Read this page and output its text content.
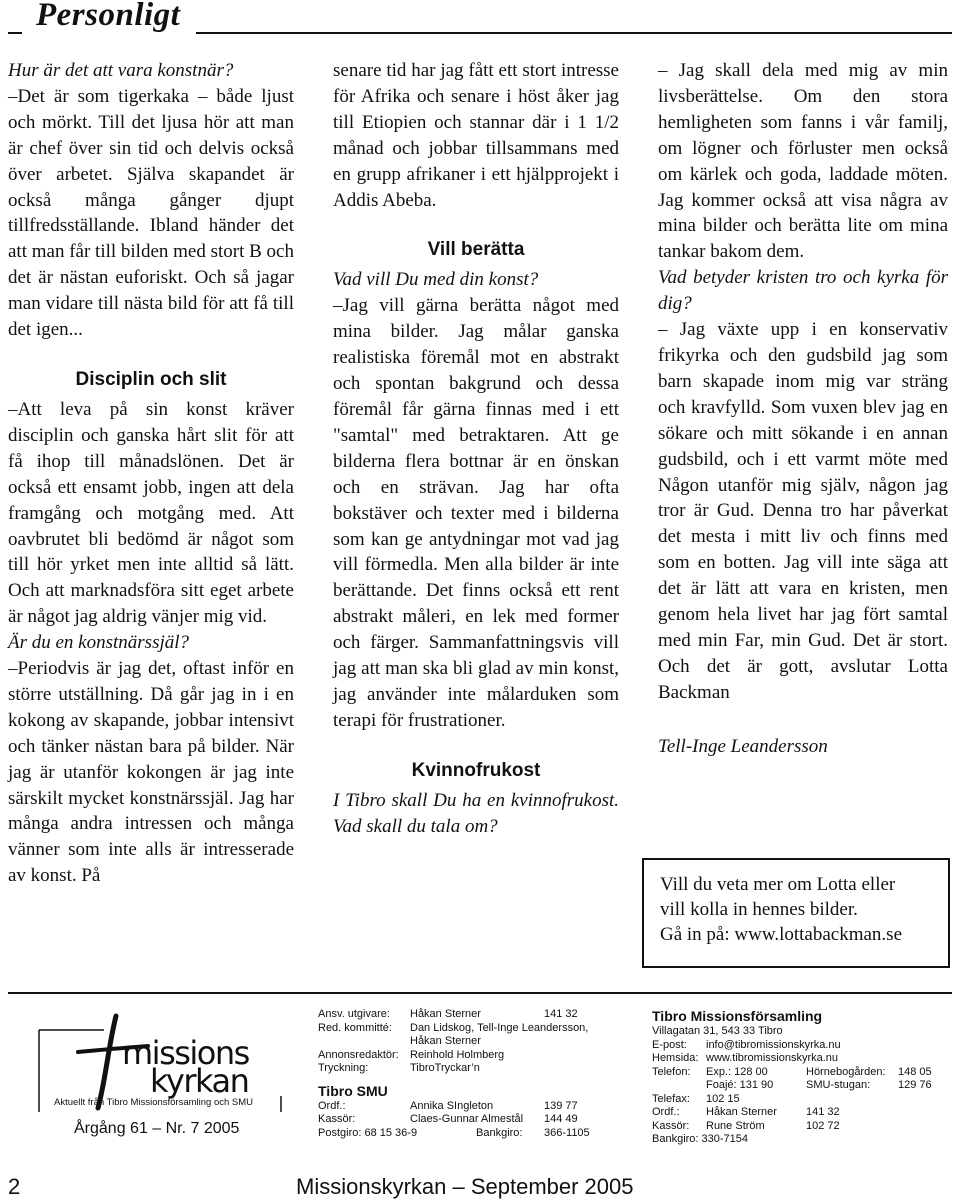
Personligt

Hur är det att vara konstnär?

–Det är som tigerkaka – både ljust och mörkt. Till det ljusa hör att man är chef över sin tid och delvis också över arbetet. Själva skapandet är också många gånger djupt tillfredsställande. Ibland händer det att man får till bilden med stort B och det är nästan euforiskt. Och så jagar man vidare till nästa bild för att få till det igen...

Disciplin och slit

–Att leva på sin konst kräver disciplin och ganska hårt slit för att få ihop till månadslönen. Det är också ett ensamt jobb, ingen att dela framgång och motgång med. Att oavbrutet bli bedömd är något som till hör yrket men inte alltid så lätt. Och att marknadsföra sitt eget arbete är något jag aldrig vänjer mig vid.

Är du en konstnärssjäl?

–Periodvis är jag det, oftast inför en större utställning. Då går jag in i en kokong av skapande, jobbar intensivt och tänker nästan bara på bilder. När jag är utanför kokongen är jag inte särskilt mycket konstnärssjäl. Jag har många andra intressen och många vänner som inte alls är intresserade av konst. På

senare tid har jag fått ett stort intresse för Afrika och senare i höst åker jag till Etiopien och stannar där i 1 1/2 månad och jobbar tillsammans med en grupp afrikaner i ett hjälpprojekt i Addis Abeba.

Vill berätta

Vad vill Du med din konst?

–Jag vill gärna berätta något med mina bilder. Jag målar ganska realistiska föremål mot en abstrakt och spontan bakgrund och dessa föremål får gärna finnas med i ett "samtal" med betraktaren. Att ge bilderna flera bottnar är en önskan och en strävan. Jag har ofta bokstäver och texter med i bilderna som kan ge antydningar mot vad jag vill förmedla. Men alla bilder är inte berättande. Det finns också ett rent abstrakt måleri, en lek med former och färger. Sammanfattningsvis vill jag att man ska bli glad av min konst, jag använder inte målarduken som terapi för frustrationer.

Kvinnofrukost

I Tibro skall Du ha en kvinnofrukost. Vad skall du tala om?

– Jag skall dela med mig av min livsberättelse. Om den stora hemligheten som fanns i vår familj, om lögner och förluster men också om kärlek och goda, laddade möten. Jag kommer också att visa några av mina bilder och berätta lite om mina tankar bakom dem.

Vad betyder kristen tro och kyrka för dig?

– Jag växte upp i en konservativ frikyrka och den gudsbild jag som barn skapade inom mig var sträng och kravfylld. Som vuxen blev jag en sökare och mitt sökande i en annan gudsbild, och i ett varmt möte med Någon utanför mig själv, någon jag tror är Gud. Denna tro har påverkat det mesta i mitt liv och finns med som en botten. Jag vill inte säga att det är lätt att vara en kristen, men genom hela livet har jag fört samtal med min Far, min Gud. Det är stort. Och det är gott, avslutar Lotta Backman

Tell-Inge Leandersson

Vill du veta mer om Lotta eller
vill kolla in hennes bilder.
Gå in på: www.lottabackman.se
missions
kyrkan
Aktuellt från Tibro Missionsförsamling och SMU
Årgång 61 – Nr. 7 2005
Ansv. utgivare: Håkan Sterner	141 32
Red. kommitté: Dan Lidskog, Tell-Inge Leandersson,
Håkan Sterner
Annonsredaktör: Reinhold Holmberg
Tryckning:	TibroTryckar’n
Tibro SMU
Ordf.:	Annika SIngleton	139 77
Kassör:	Claes-Gunnar Almestål 144 49
Postgiro: 68 15 36-9	Bankgiro: 366-1105
Tibro Missionsförsamling
Villagatan 31, 543 33 Tibro
E-post: info@tibromissionskyrka.nu
Hemsida: www.tibromissionskyrka.nu
Telefon: Exp.: 128 00	Hörnebogården: 148 05
Foajé: 131 90	SMU-stugan:	129 76
Telefax: 102 15
Ordf.: Håkan Sterner	141 32
Kassör: Rune Ström	102 72
Bankgiro: 330-7154
2	Missionskyrkan – September 2005
